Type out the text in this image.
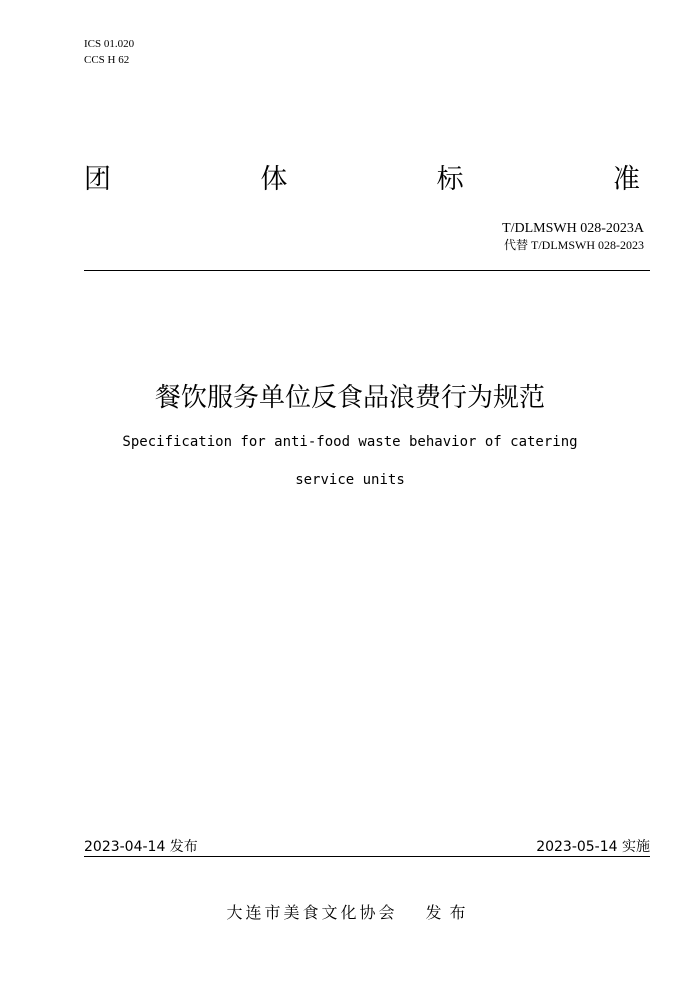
ICS 01.020
CCS H 62
团	体	标	准
T/DLMSWH 028-2023A
代替 T/DLMSWH 028-2023
餐饮服务单位反食品浪费行为规范
Specification for anti-food waste behavior of catering
service units
2023-04-14 发布	2023-05-14 实施
大连市美食文化协会 发布
